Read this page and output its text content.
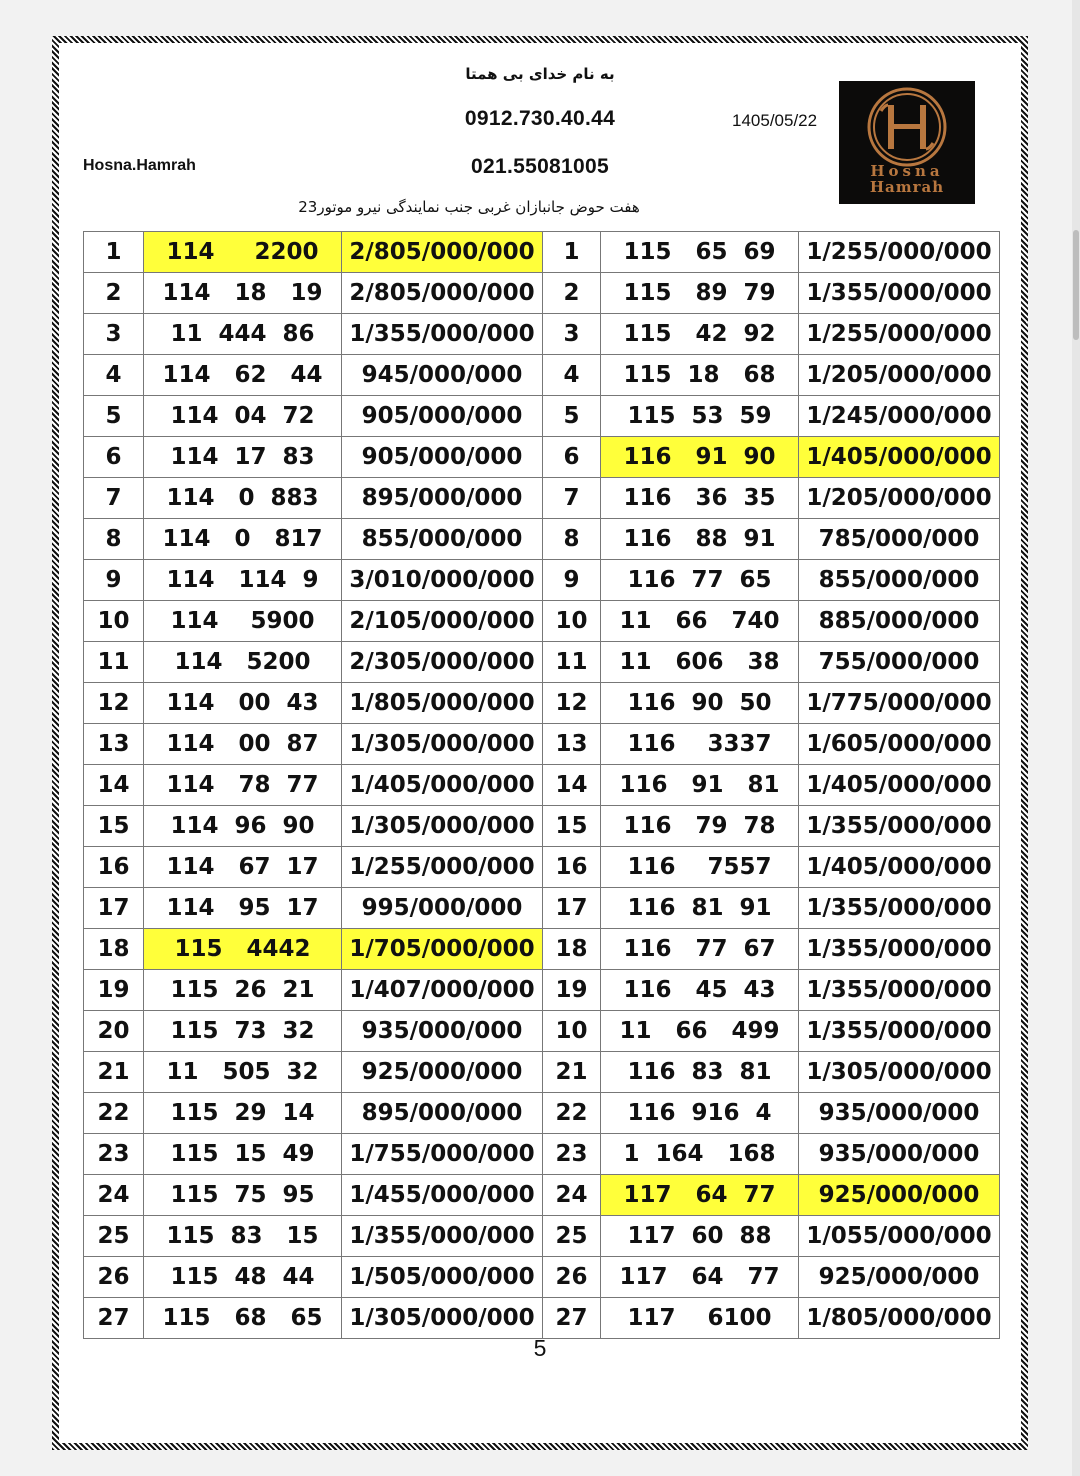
به نام خدای بی همتا
0912.730.40.44	1405/05/22
021.55081005
Hosna.Hamrah
هفت حوض جانبازان غربی جنب نمایندگی نیرو موتور23
Hosna
Hamrah
1	114     2200	2/805/000/000	1	115   65  69	1/255/000/000
2	114   18   19	2/805/000/000	2	115   89  79	1/355/000/000
3	11  444  86	1/355/000/000	3	115   42  92	1/255/000/000
4	114   62   44	945/000/000	4	115  18   68	1/205/000/000
5	114  04  72	905/000/000	5	115  53  59	1/245/000/000
6	114  17  83	905/000/000	6	116   91  90	1/405/000/000
7	114   0  883	895/000/000	7	116   36  35	1/205/000/000
8	114   0   817	855/000/000	8	116   88  91	785/000/000
9	114   114  9	3/010/000/000	9	116  77  65	855/000/000
10	114    5900	2/105/000/000	10	11   66   740	885/000/000
11	114   5200	2/305/000/000	11	11   606   38	755/000/000
12	114   00  43	1/805/000/000	12	116  90  50	1/775/000/000
13	114   00  87	1/305/000/000	13	116    3337	1/605/000/000
14	114   78  77	1/405/000/000	14	116   91   81	1/405/000/000
15	114  96  90	1/305/000/000	15	116   79  78	1/355/000/000
16	114   67  17	1/255/000/000	16	116    7557	1/405/000/000
17	114   95  17	995/000/000	17	116  81  91	1/355/000/000
18	115   4442	1/705/000/000	18	116   77  67	1/355/000/000
19	115  26  21	1/407/000/000	19	116   45  43	1/355/000/000
20	115  73  32	935/000/000	10	11   66   499	1/355/000/000
21	11   505  32	925/000/000	21	116  83  81	1/305/000/000
22	115  29  14	895/000/000	22	116  916  4	935/000/000
23	115  15  49	1/755/000/000	23	1  164   168	935/000/000
24	115  75  95	1/455/000/000	24	117   64  77	925/000/000
25	115  83   15	1/355/000/000	25	117  60  88	1/055/000/000
26	115  48  44	1/505/000/000	26	117   64   77	925/000/000
27	115   68   65	1/305/000/000	27	117    6100	1/805/000/000
5
